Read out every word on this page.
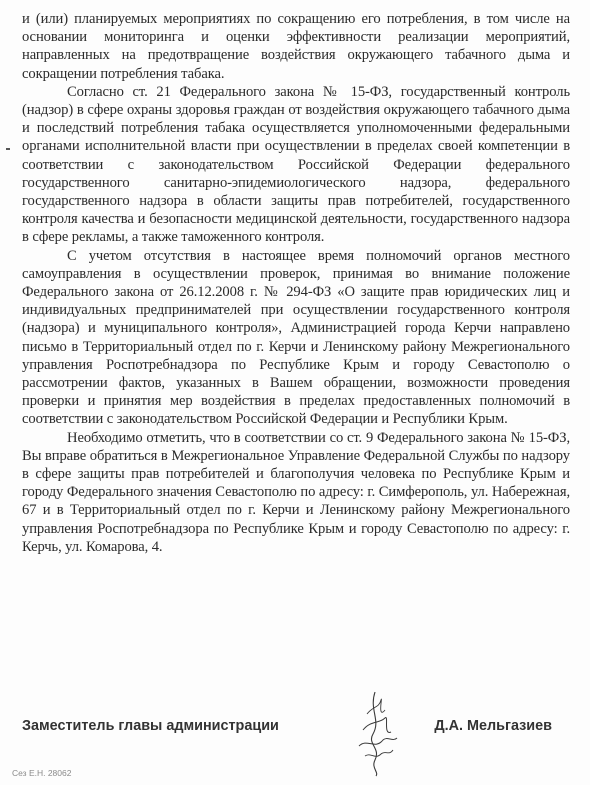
и (или) планируемых мероприятиях по сокращению его потребления, в том числе на основании мониторинга и оценки эффективности реализации мероприятий, направленных на предотвращение воздействия окружающего табачного дыма и сокращении потребления табака.

Согласно ст. 21 Федерального закона № 15-ФЗ, государственный контроль (надзор) в сфере охраны здоровья граждан от воздействия окружающего табачного дыма и последствий потребления табака осуществляется уполномоченными федеральными органами исполнительной власти при осуществлении в пределах своей компетенции в соответствии с законодательством Российской Федерации федерального государственного санитарно-эпидемиологического надзора, федерального государственного надзора в области защиты прав потребителей, государственного контроля качества и безопасности медицинской деятельности, государственного надзора в сфере рекламы, а также таможенного контроля.

С учетом отсутствия в настоящее время полномочий органов местного самоуправления в осуществлении проверок, принимая во внимание положение Федерального закона от 26.12.2008 г. № 294-ФЗ «О защите прав юридических лиц и индивидуальных предпринимателей при осуществлении государственного контроля (надзора) и муниципального контроля», Администрацией города Керчи направлено письмо в Территориальный отдел по г. Керчи и Ленинскому району Межрегионального управления Роспотребнадзора по Республике Крым и городу Севастополю о рассмотрении фактов, указанных в Вашем обращении, возможности проведения проверки и принятия мер воздействия в пределах предоставленных полномочий в соответствии с законодательством Российской Федерации и Республики Крым.

Необходимо отметить, что в соответствии со ст. 9 Федерального закона № 15-ФЗ, Вы вправе обратиться в Межрегиональное Управление Федеральной Службы по надзору в сфере защиты прав потребителей и благополучия человека по Республике Крым и городу Федерального значения Севастополю по адресу: г. Симферополь, ул. Набережная, 67 и в Территориальный отдел по г. Керчи и Ленинскому району Межрегионального управления Роспотребнадзора по Республике Крым и городу Севастополю по адресу: г. Керчь, ул. Комарова, 4.

Заместитель главы администрации	Д.А. Мельгазиев
Сез Е.Н. 28062
